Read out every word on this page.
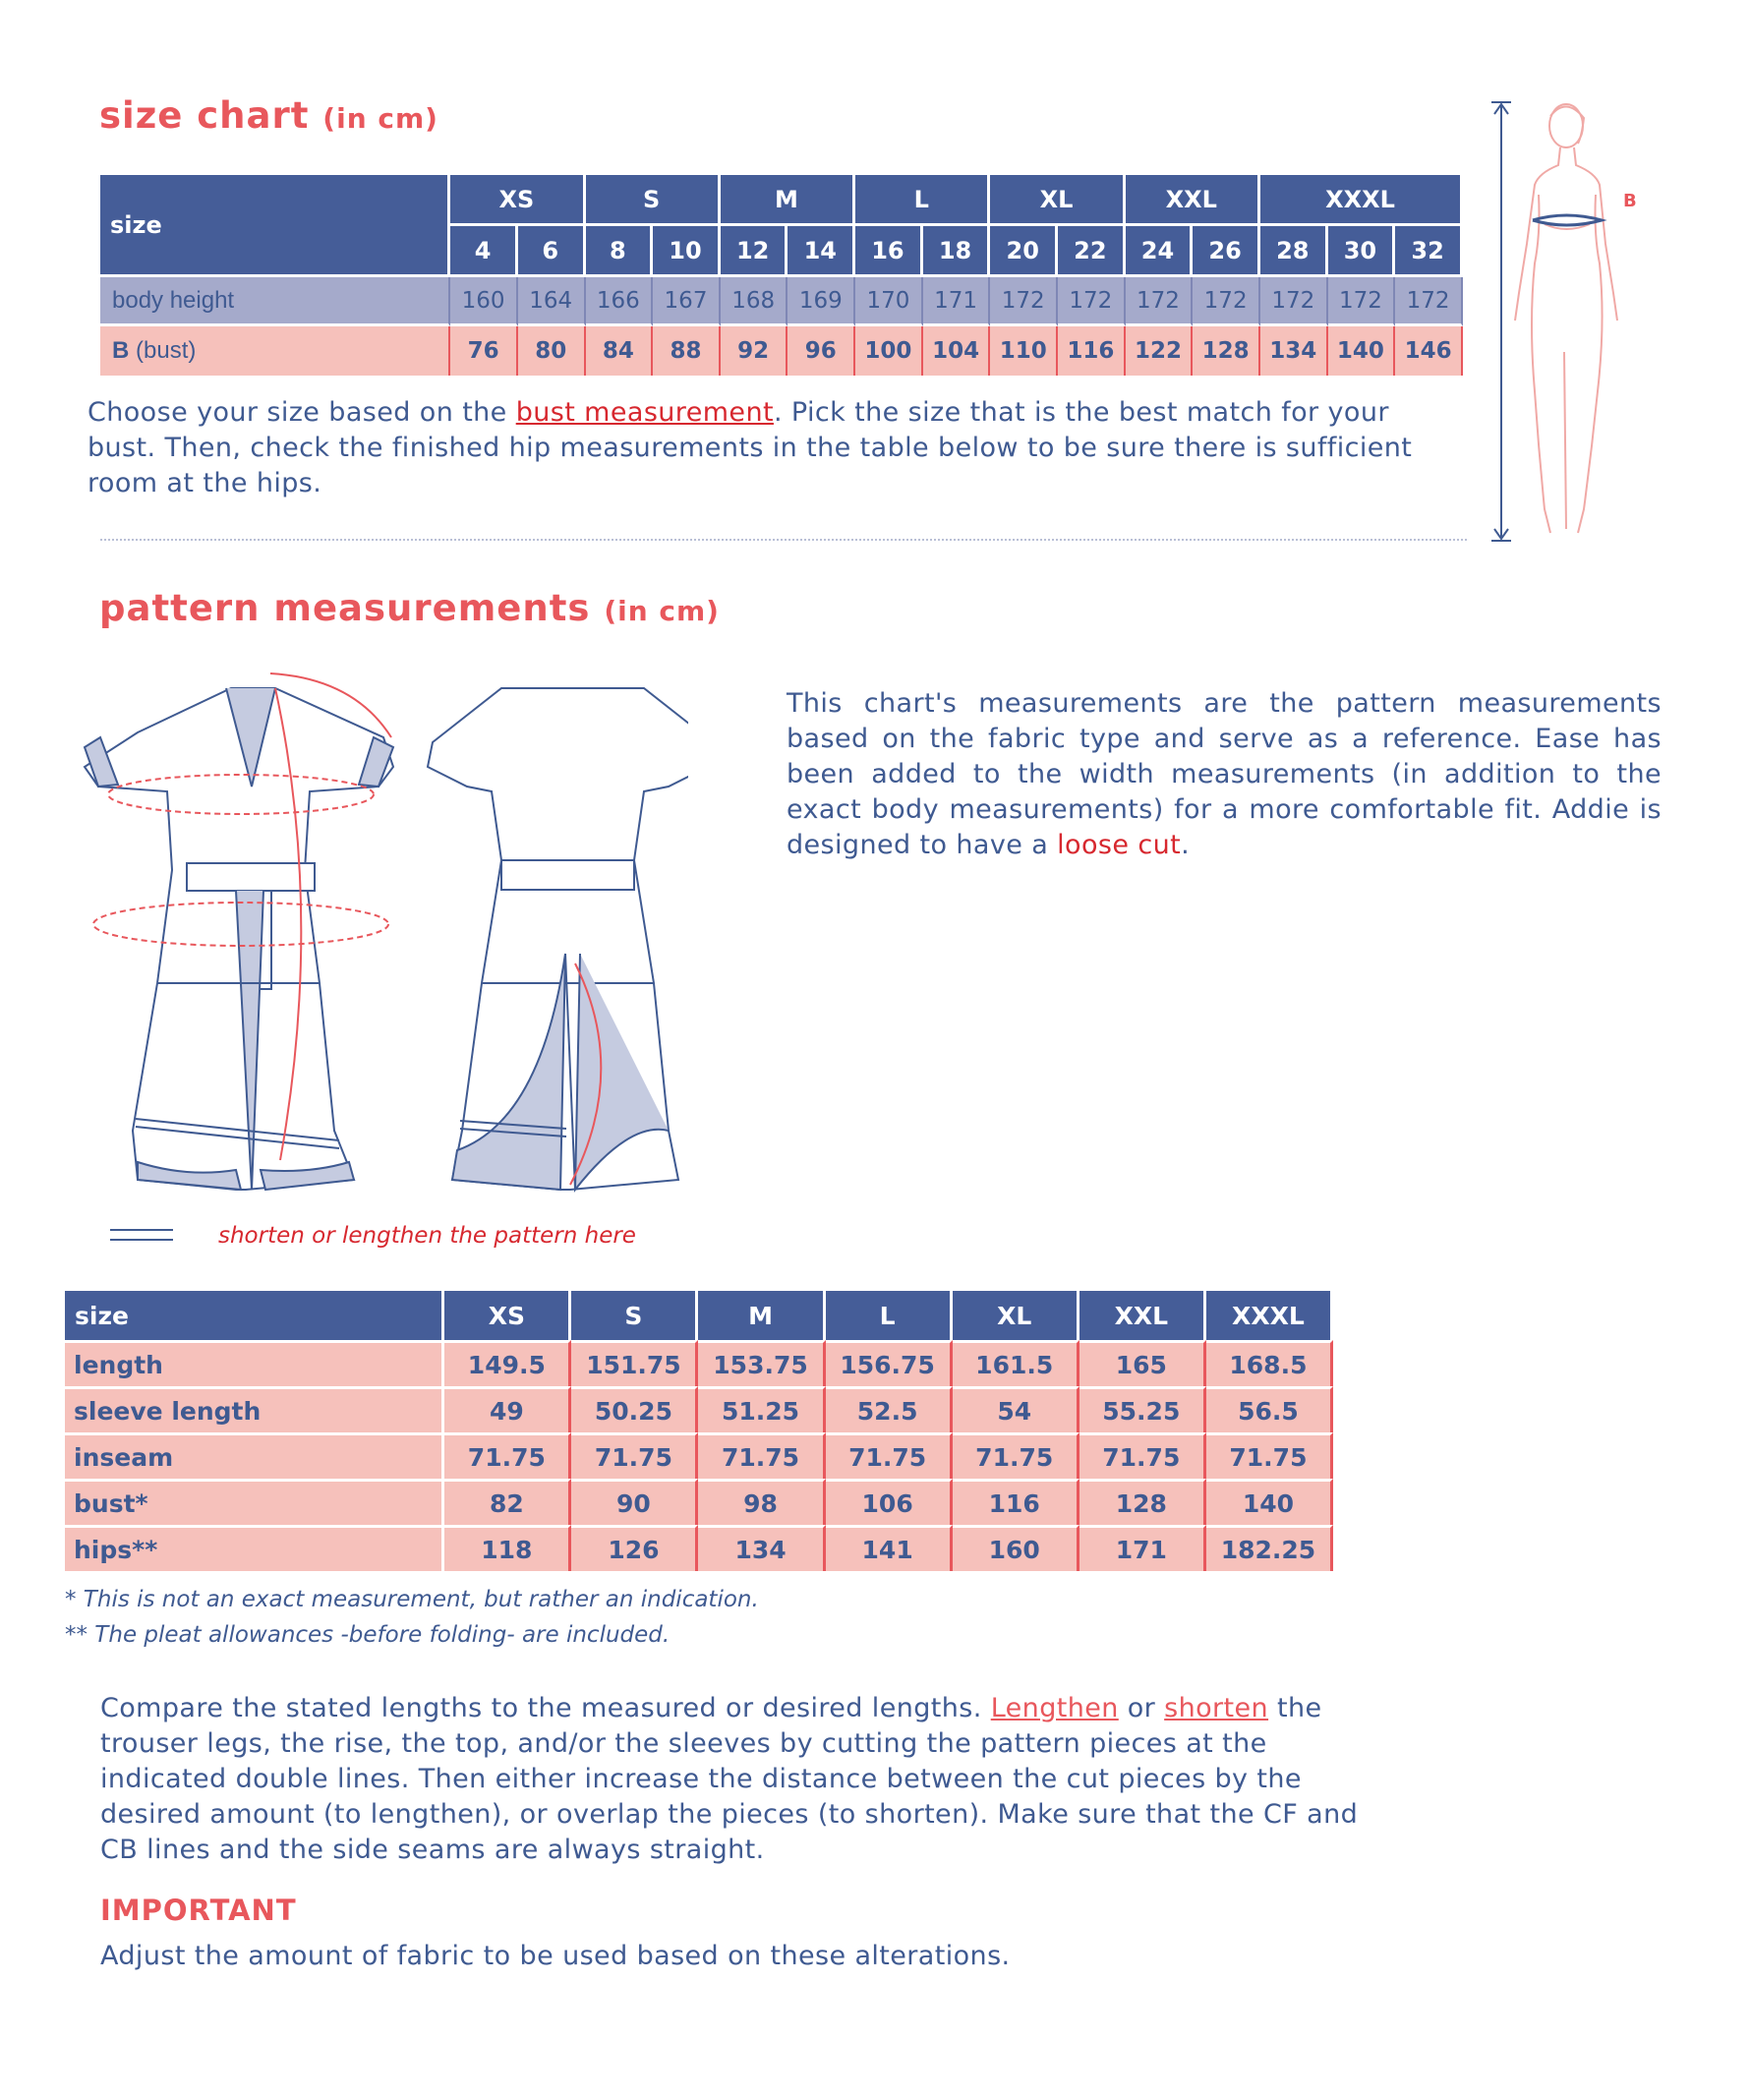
size chart (in cm)
size	XS		S		M		L		XL		XXL		XXXL		
	4	6	8	10	12	14	16	18	20	22	24	26	28	30	32
body height	160	164	166	167	168	169	170	171	172	172	172	172	172	172	172
B (bust)	76	80	84	88	92	96	100	104	110	116	122	128	134	140	146
B
Choose your size based on the bust measurement. Pick the size that is the best match for your bust. Then, check the finished hip measurements in the table below to be sure there is sufficient room at the hips.
pattern measurements (in cm)
This chart's measurements are the pattern measurements based on the fabric type and serve as a reference. Ease has been added to the width measurements (in addition to the exact body measurements) for a more comfortable fit. Addie is designed to have a loose cut.
shorten or lengthen the pattern here
size	XS	S	M	L	XL	XXL	XXXL
length	149.5	151.75	153.75	156.75	161.5	165	168.5
sleeve length	49	50.25	51.25	52.5	54	55.25	56.5
inseam	71.75	71.75	71.75	71.75	71.75	71.75	71.75
bust*	82	90	98	106	116	128	140
hips**	118	126	134	141	160	171	182.25
* This is not an exact measurement, but rather an indication.
** The pleat allowances -before folding- are included.
Compare the stated lengths to the measured or desired lengths. Lengthen or shorten the trouser legs, the rise, the top, and/or the sleeves by cutting the pattern pieces at the indicated double lines. Then either increase the distance between the cut pieces by the desired amount (to lengthen), or overlap the pieces (to shorten). Make sure that the CF and CB lines and the side seams are always straight.
IMPORTANT
Adjust the amount of fabric to be used based on these alterations.
